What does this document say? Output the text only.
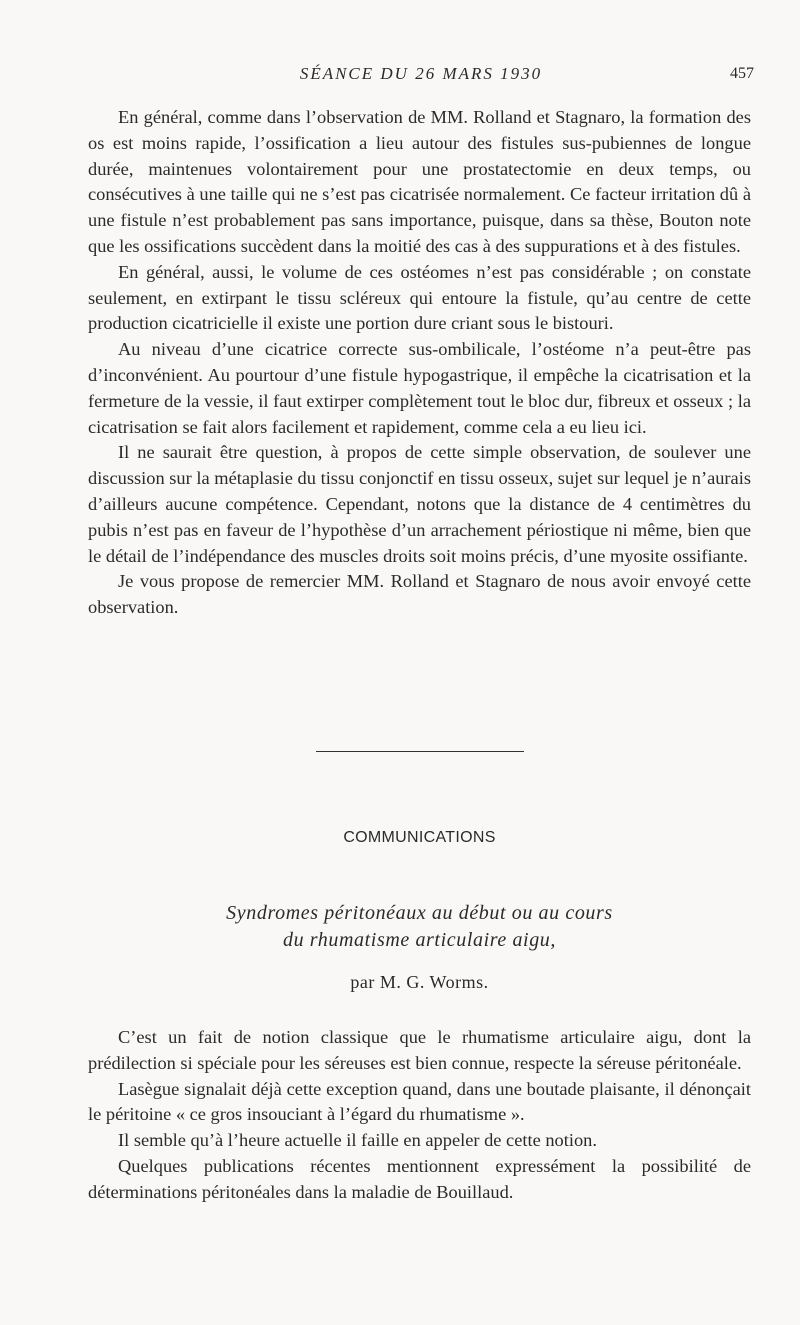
SÉANCE DU 26 MARS 1930	457

En général, comme dans l’observation de MM. Rolland et Stagnaro, la formation des os est moins rapide, l’ossification a lieu autour des fistules sus-pubiennes de longue durée, maintenues volontairement pour une prostatectomie en deux temps, ou consécutives à une taille qui ne s’est pas cicatrisée normalement. Ce facteur irritation dû à une fistule n’est probablement pas sans importance, puisque, dans sa thèse, Bouton note que les ossifications succèdent dans la moitié des cas à des suppurations et à des fistules.

En général, aussi, le volume de ces ostéomes n’est pas considérable ; on constate seulement, en extirpant le tissu scléreux qui entoure la fistule, qu’au centre de cette production cicatricielle il existe une portion dure criant sous le bistouri.

Au niveau d’une cicatrice correcte sus-ombilicale, l’ostéome n’a peut-être pas d’inconvénient. Au pourtour d’une fistule hypogastrique, il empêche la cicatrisation et la fermeture de la vessie, il faut extirper complètement tout le bloc dur, fibreux et osseux ; la cicatrisation se fait alors facilement et rapidement, comme cela a eu lieu ici.

Il ne saurait être question, à propos de cette simple observation, de soulever une discussion sur la métaplasie du tissu conjonctif en tissu osseux, sujet sur lequel je n’aurais d’ailleurs aucune compétence. Cependant, notons que la distance de 4 centimètres du pubis n’est pas en faveur de l’hypothèse d’un arrachement périostique ni même, bien que le détail de l’indépendance des muscles droits soit moins précis, d’une myosite ossifiante.

Je vous propose de remercier MM. Rolland et Stagnaro de nous avoir envoyé cette observation.

COMMUNICATIONS
Syndromes péritonéaux au début ou au cours
du rhumatisme articulaire aigu,
par M. G. Worms.

C’est un fait de notion classique que le rhumatisme articulaire aigu, dont la prédilection si spéciale pour les séreuses est bien connue, respecte la séreuse péritonéale.

Lasègue signalait déjà cette exception quand, dans une boutade plaisante, il dénonçait le péritoine « ce gros insouciant à l’égard du rhumatisme ».

Il semble qu’à l’heure actuelle il faille en appeler de cette notion.

Quelques publications récentes mentionnent expressément la possibilité de déterminations péritonéales dans la maladie de Bouillaud.
